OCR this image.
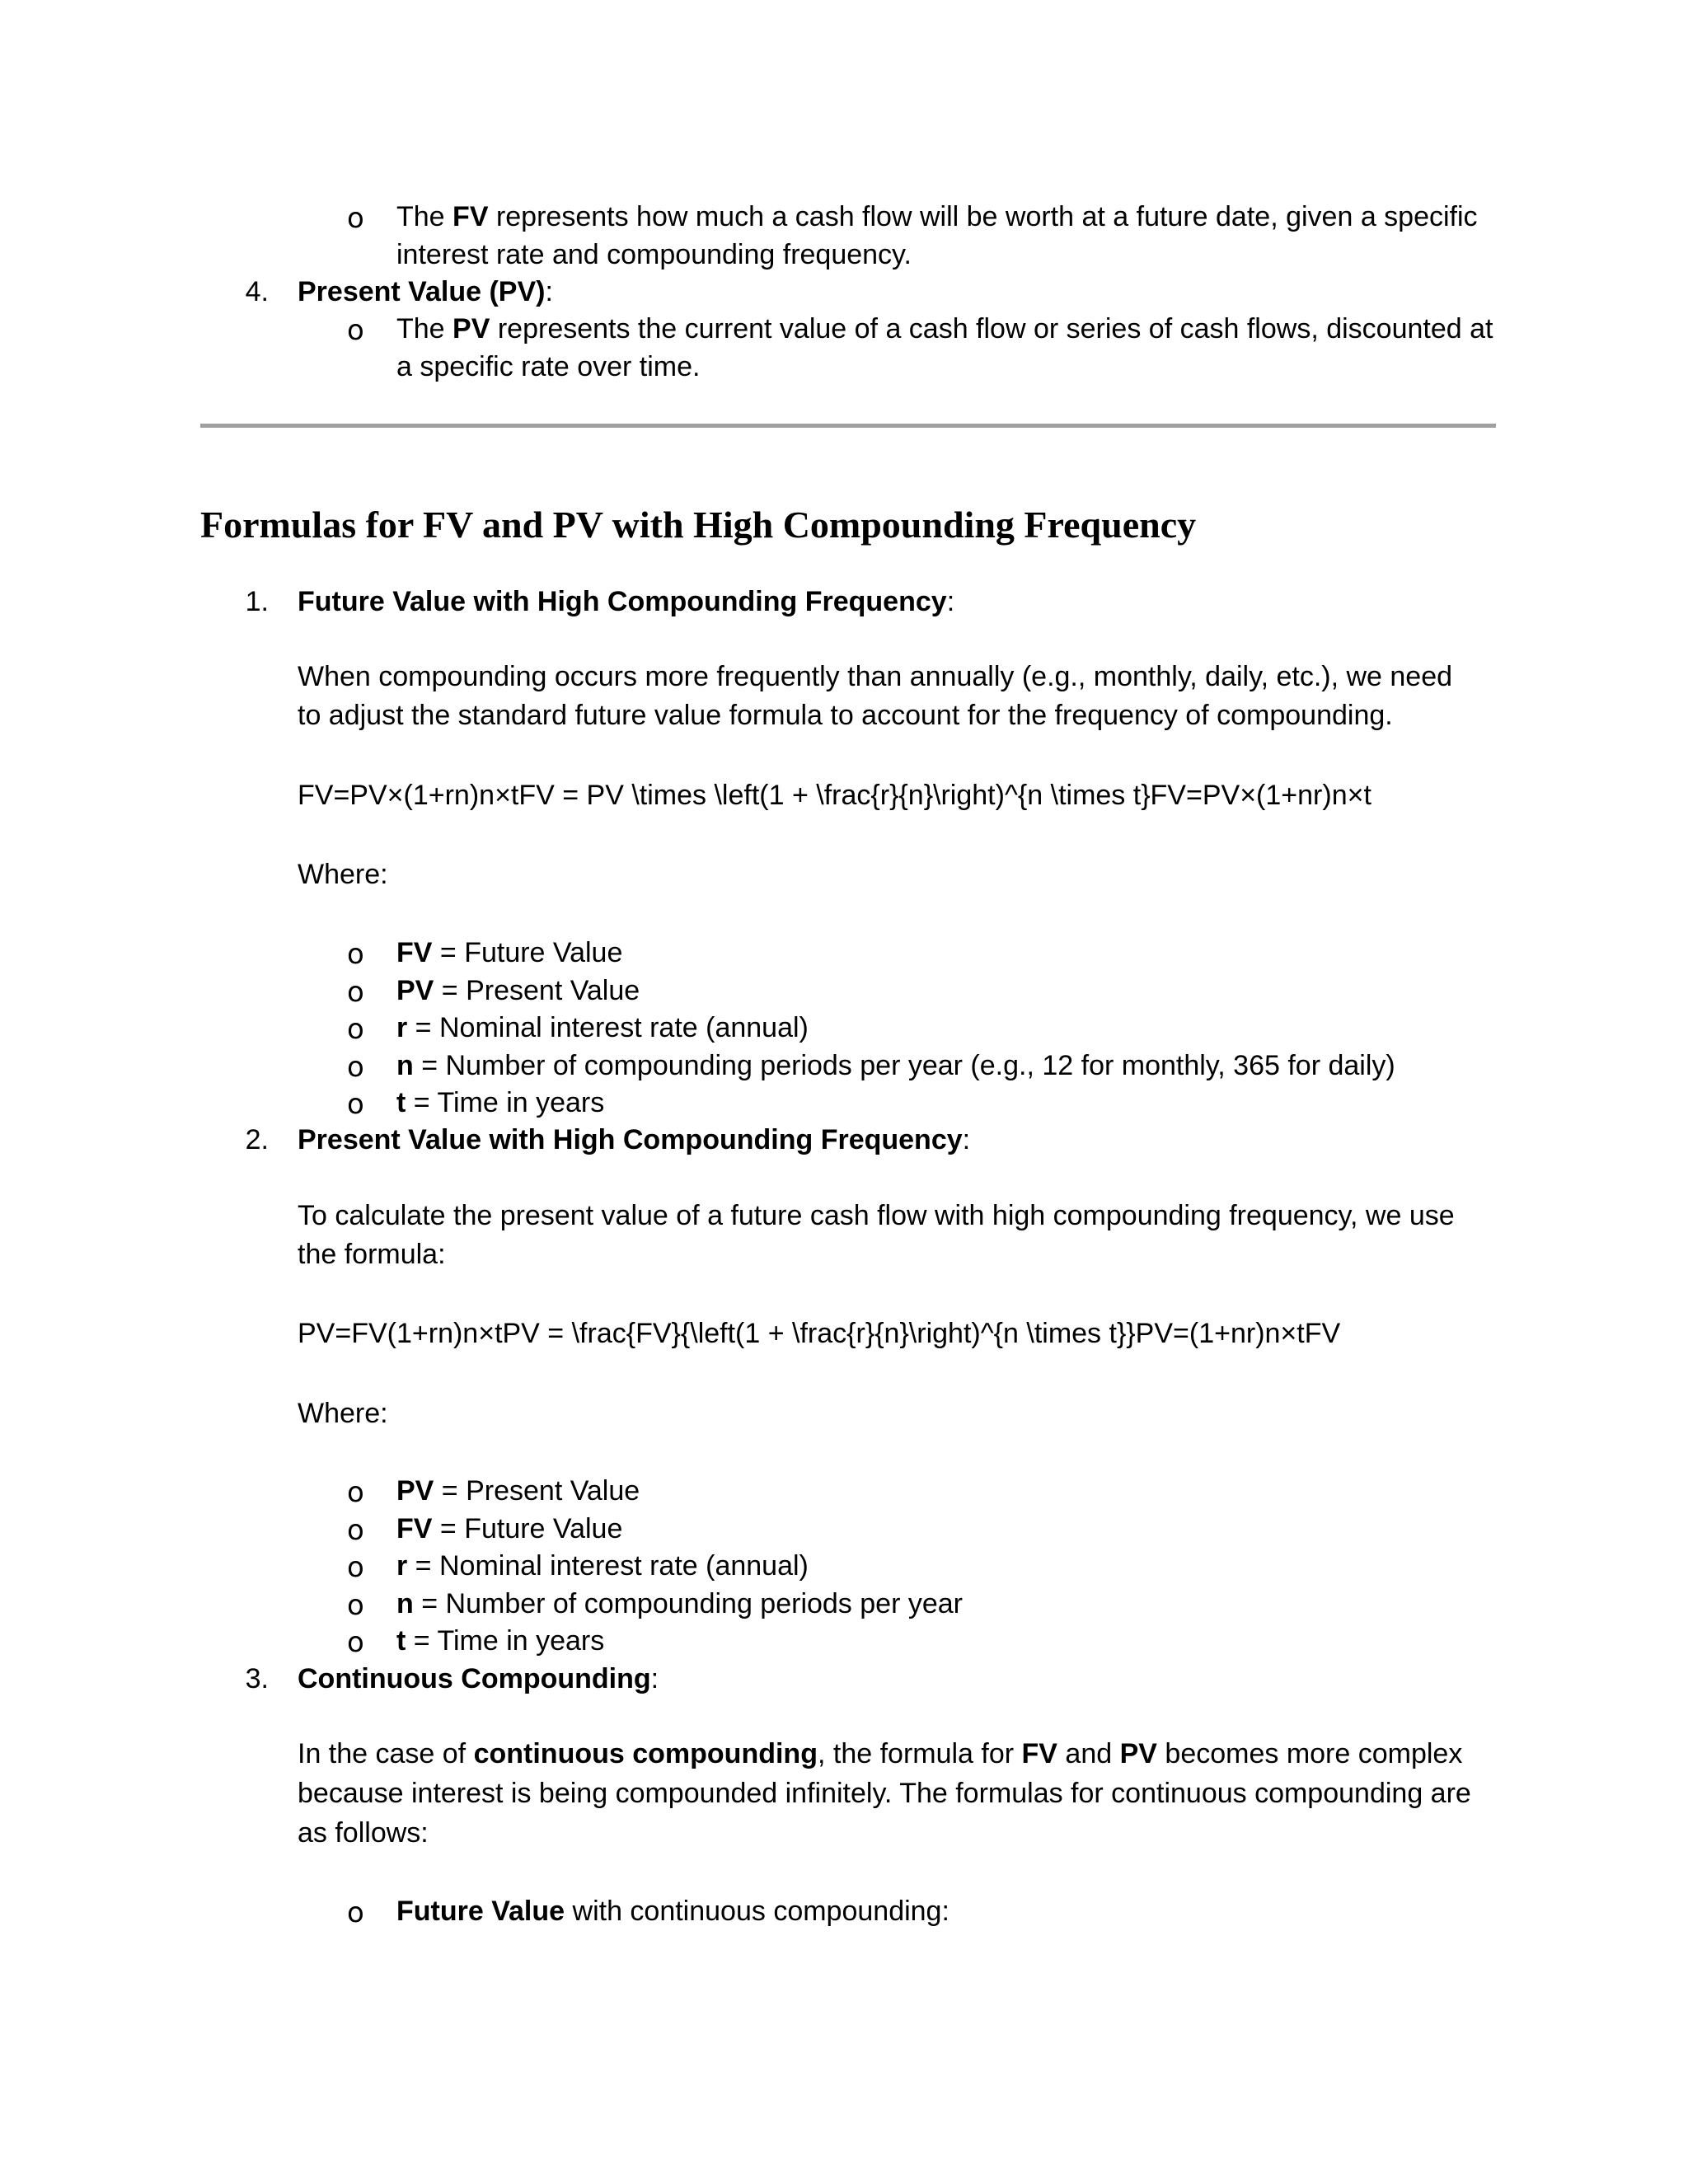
o The FV represents how much a cash flow will be worth at a future date, given a specific
interest rate and compounding frequency.
4. Present Value (PV):
o The PV represents the current value of a cash flow or series of cash flows, discounted at
a specific rate over time.
Formulas for FV and PV with High Compounding Frequency
1. Future Value with High Compounding Frequency:
When compounding occurs more frequently than annually (e.g., monthly, daily, etc.), we need
to adjust the standard future value formula to account for the frequency of compounding.
FV=PV×(1+rn)n×tFV = PV \times \left(1 + \frac{r}{n}\right)^{n \times t}FV=PV×(1+nr)n×t
Where:
o FV = Future Value
o PV = Present Value
o r = Nominal interest rate (annual)
o n = Number of compounding periods per year (e.g., 12 for monthly, 365 for daily)
o t = Time in years
2. Present Value with High Compounding Frequency:
To calculate the present value of a future cash flow with high compounding frequency, we use
the formula:
PV=FV(1+rn)n×tPV = \frac{FV}{\left(1 + \frac{r}{n}\right)^{n \times t}}PV=(1+nr)n×tFV
Where:
o PV = Present Value
o FV = Future Value
o r = Nominal interest rate (annual)
o n = Number of compounding periods per year
o t = Time in years
3. Continuous Compounding:
In the case of continuous compounding, the formula for FV and PV becomes more complex
because interest is being compounded infinitely. The formulas for continuous compounding are
as follows:
o Future Value with continuous compounding:
